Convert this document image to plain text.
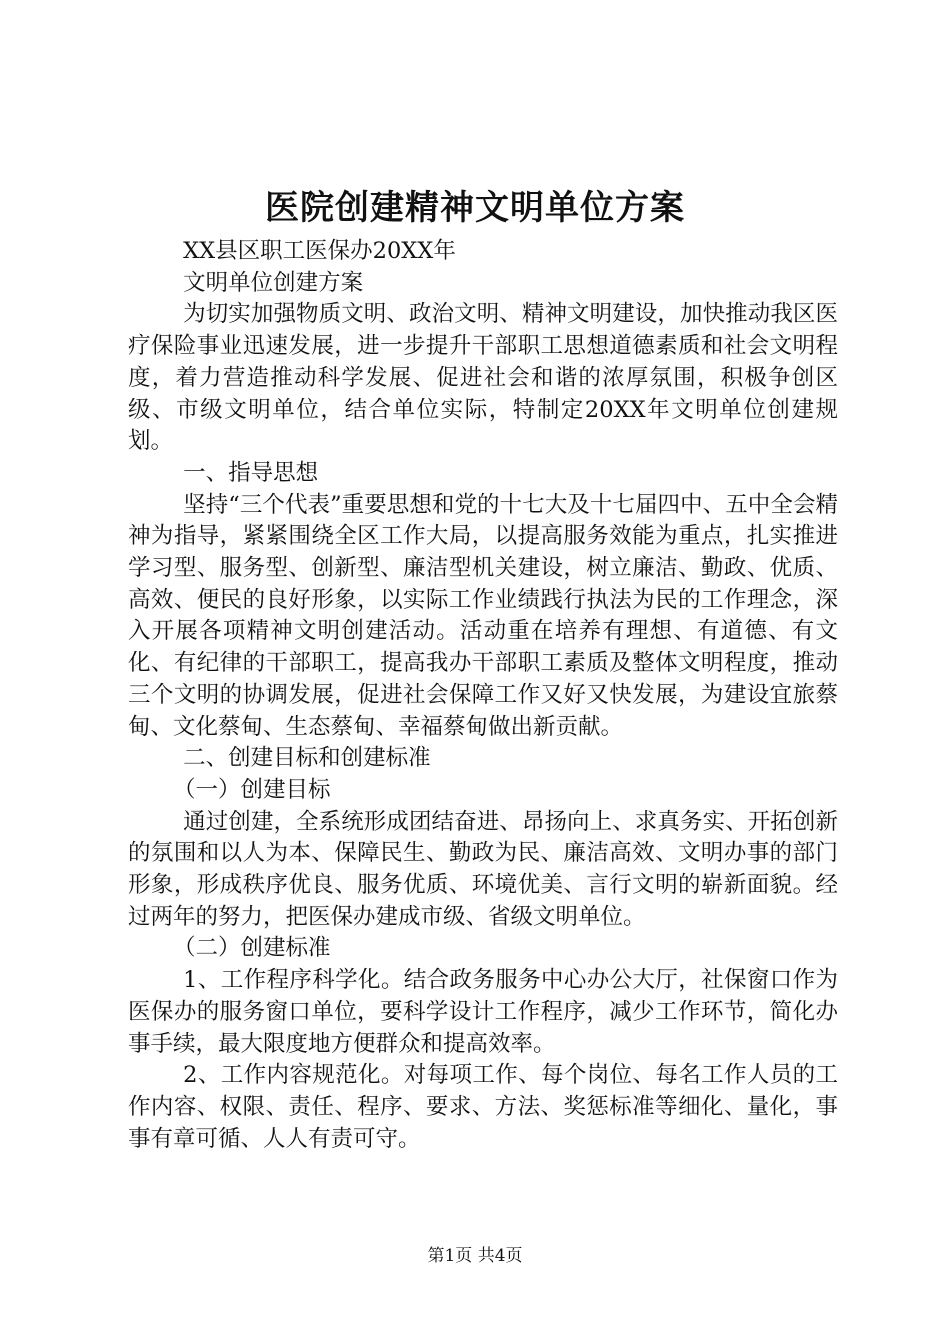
医院创建精神文明单位方案

XX县区职工医保办20XX年

文明单位创建方案

为切实加强物质文明、政治文明、精神文明建设，加快推动我区医疗保险事业迅速发展，进一步提升干部职工思想道德素质和社会文明程度，着力营造推动科学发展、促进社会和谐的浓厚氛围，积极争创区级、市级文明单位，结合单位实际，特制定20XX年文明单位创建规划。

一、指导思想

坚持“三个代表”重要思想和党的十七大及十七届四中、五中全会精神为指导，紧紧围绕全区工作大局，以提高服务效能为重点，扎实推进学习型、服务型、创新型、廉洁型机关建设，树立廉洁、勤政、优质、高效、便民的良好形象，以实际工作业绩践行执法为民的工作理念，深入开展各项精神文明创建活动。活动重在培养有理想、有道德、有文化、有纪律的干部职工，提高我办干部职工素质及整体文明程度，推动三个文明的协调发展，促进社会保障工作又好又快发展，为建设宜旅蔡甸、文化蔡甸、生态蔡甸、幸福蔡甸做出新贡献。

二、创建目标和创建标准

（一）创建目标

通过创建，全系统形成团结奋进、昂扬向上、求真务实、开拓创新的氛围和以人为本、保障民生、勤政为民、廉洁高效、文明办事的部门形象，形成秩序优良、服务优质、环境优美、言行文明的崭新面貌。经过两年的努力，把医保办建成市级、省级文明单位。

（二）创建标准

1、工作程序科学化。结合政务服务中心办公大厅，社保窗口作为医保办的服务窗口单位，要科学设计工作程序，减少工作环节，简化办事手续，最大限度地方便群众和提高效率。

2、工作内容规范化。对每项工作、每个岗位、每名工作人员的工作内容、权限、责任、程序、要求、方法、奖惩标准等细化、量化，事事有章可循、人人有责可守。

第1页 共4页
